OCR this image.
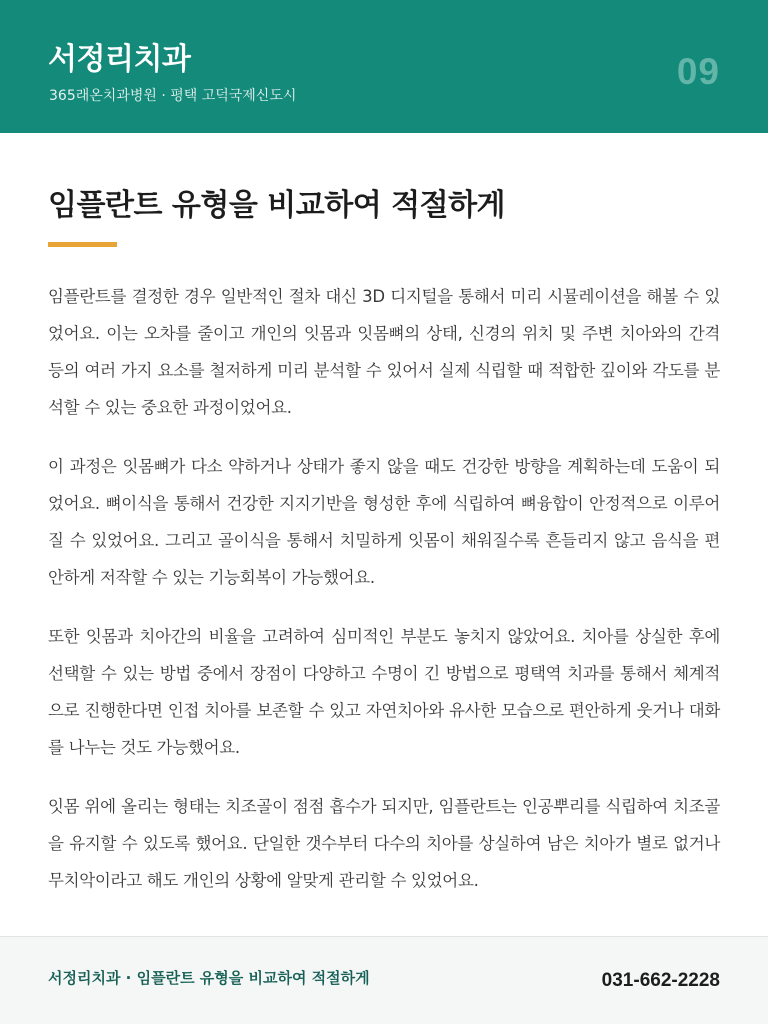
서정리치과
365래온치과병원 · 평택 고덕국제신도시
09
임플란트 유형을 비교하여 적절하게

임플란트를 결정한 경우 일반적인 절차 대신 3D 디지털을 통해서 미리 시뮬레이션을 해볼 수 있었어요. 이는 오차를 줄이고 개인의 잇몸과 잇몸뼈의 상태, 신경의 위치 및 주변 치아와의 간격 등의 여러 가지 요소를 철저하게 미리 분석할 수 있어서 실제 식립할 때 적합한 깊이와 각도를 분석할 수 있는 중요한 과정이었어요.

이 과정은 잇몸뼈가 다소 약하거나 상태가 좋지 않을 때도 건강한 방향을 계획하는데 도움이 되었어요. 뼈이식을 통해서 건강한 지지기반을 형성한 후에 식립하여 뼈융합이 안정적으로 이루어질 수 있었어요. 그리고 골이식을 통해서 치밀하게 잇몸이 채워질수록 흔들리지 않고 음식을 편안하게 저작할 수 있는 기능회복이 가능했어요.

또한 잇몸과 치아간의 비율을 고려하여 심미적인 부분도 놓치지 않았어요. 치아를 상실한 후에 선택할 수 있는 방법 중에서 장점이 다양하고 수명이 긴 방법으로 평택역 치과를 통해서 체계적으로 진행한다면 인접 치아를 보존할 수 있고 자연치아와 유사한 모습으로 편안하게 웃거나 대화를 나누는 것도 가능했어요.

잇몸 위에 올리는 형태는 치조골이 점점 흡수가 되지만, 임플란트는 인공뿌리를 식립하여 치조골을 유지할 수 있도록 했어요. 단일한 갯수부터 다수의 치아를 상실하여 남은 치아가 별로 없거나 무치악이라고 해도 개인의 상황에 알맞게 관리할 수 있었어요.

서정리치과 · 임플란트 유형을 비교하여 적절하게	031-662-2228
